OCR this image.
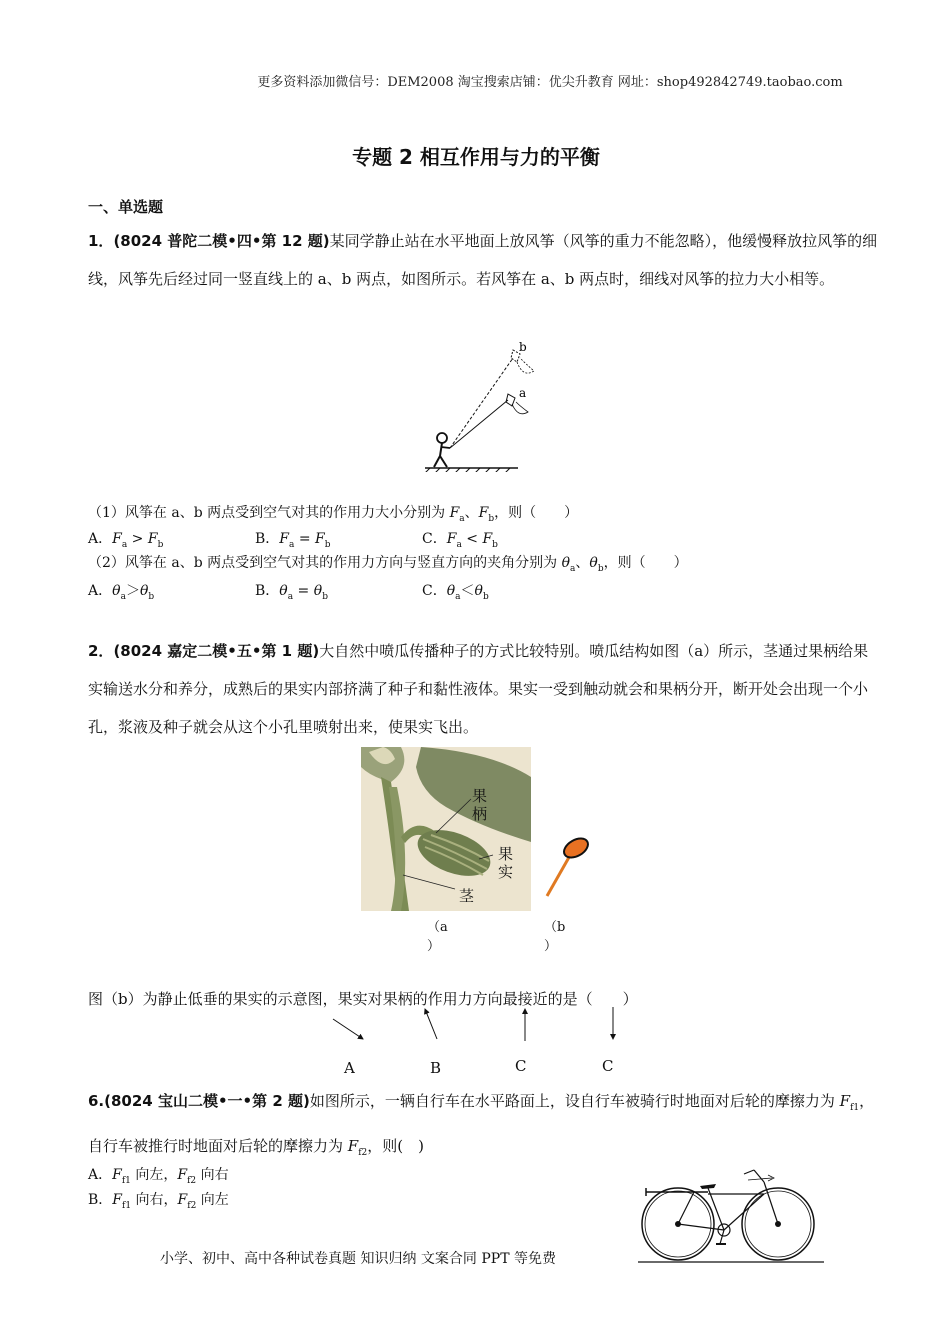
更多资料添加微信号：DEM2008 淘宝搜索店铺：优尖升教育 网址：shop492842749.taobao.com
专题 2 相互作用与力的平衡
一、单选题
1．(8024 普陀二模•四•第 12 题)某同学静止站在水平地面上放风筝（风筝的重力不能忽略），他缓慢释放拉风筝的细线，风筝先后经过同一竖直线上的 a、b 两点，如图所示。若风筝在 a、b 两点时，细线对风筝的拉力大小相等。
b
a
（1）风筝在 a、b 两点受到空气对其的作用力大小分别为 $F_a$、$F_b$，则（　　）
A．$F_a > F_b$	B．$F_a = F_b$	C．$F_a < F_b$
（2）风筝在 a、b 两点受到空气对其的作用力方向与竖直方向的夹角分别为 $\theta_a$、$\theta_b$，则（　　）
A．$\theta_a>\theta_b$	B．$\theta_a = \theta_b$	C．$\theta_a<\theta_b$
2．(8024 嘉定二模•五•第 1 题)大自然中喷瓜传播种子的方式比较特别。喷瓜结构如图（a）所示，茎通过果柄给果实输送水分和养分，成熟后的果实内部挤满了种子和黏性液体。果实一受到触动就会和果柄分开，断开处会出现一个小孔，浆液及种子就会从这个小孔里喷射出来，使果实飞出。
果
柄
果
实
茎
（a
）
（b
）
图（b）为静止低垂的果实的示意图，果实对果柄的作用力方向最接近的是（　　）
A	B	C	C
6.(8024 宝山二模•一•第 2 题)如图所示，一辆自行车在水平路面上，设自行车被骑行时地面对后轮的摩擦力为 $F_{f1}$，自行车被推行时地面对后轮的摩擦力为 $F_{f2}$，则(　)
A．$F_{f1}$ 向左，$F_{f2}$ 向右
B．$F_{f1}$ 向右，$F_{f2}$ 向左
小学、初中、高中各种试卷真题 知识归纳 文案合同 PPT 等免费
